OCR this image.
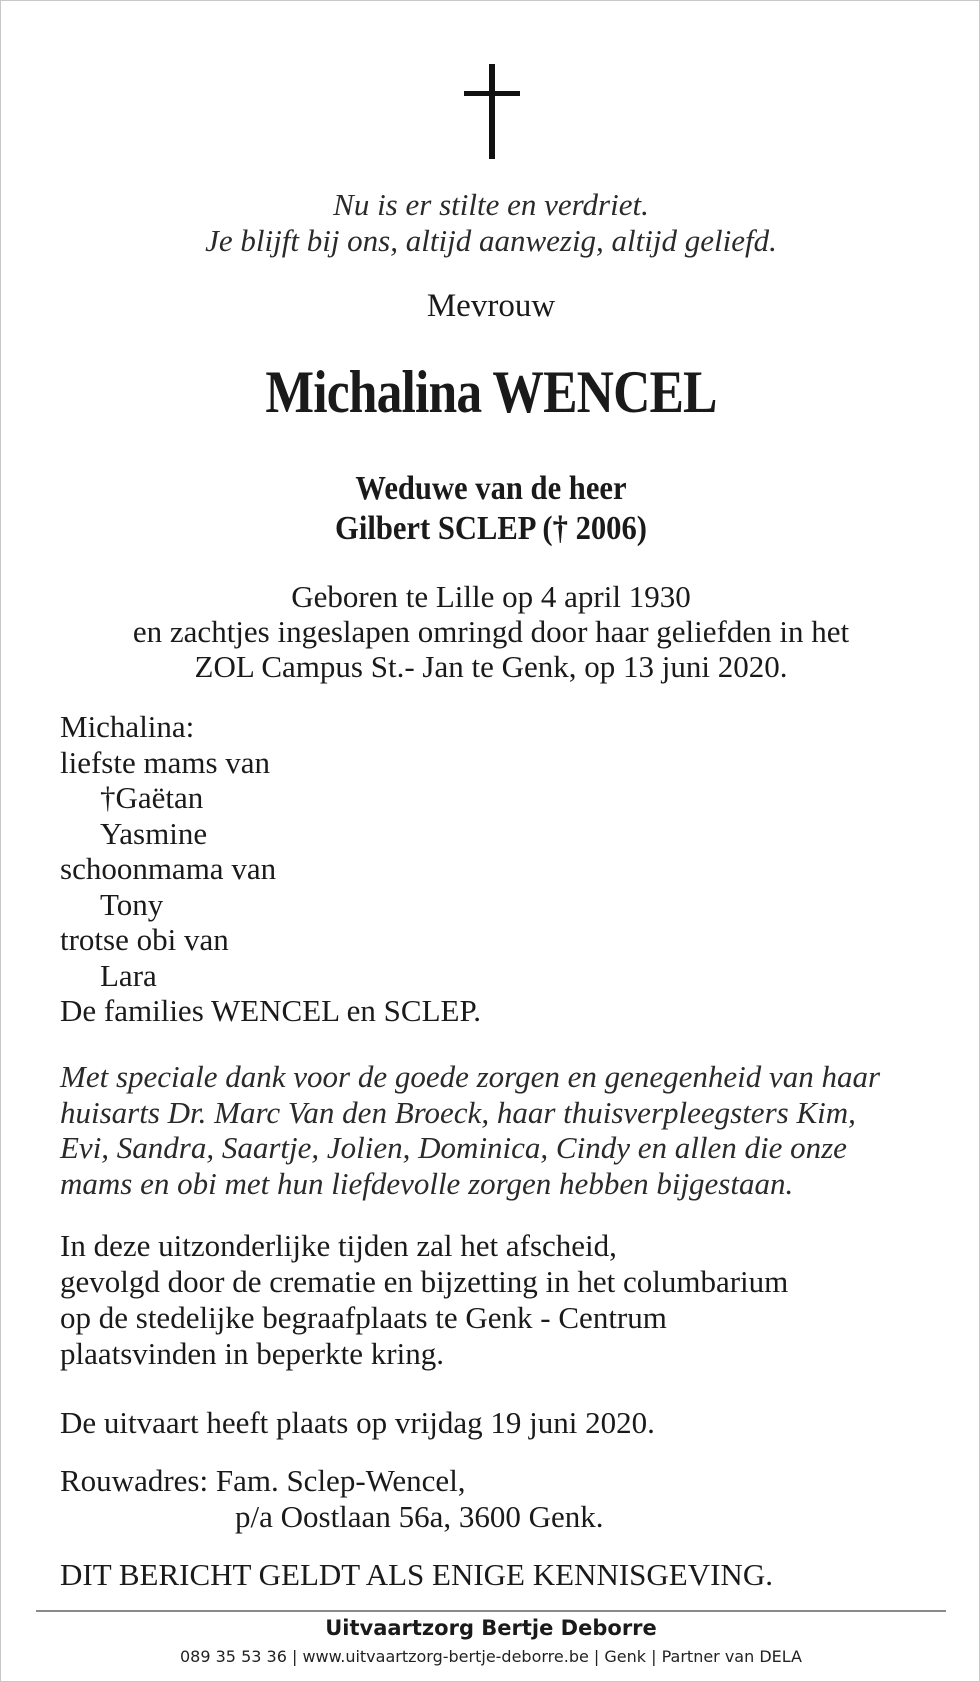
Nu is er stilte en verdriet.
Je blijft bij ons, altijd aanwezig, altijd geliefd.
Mevrouw
Michalina WENCEL
Weduwe van de heer
Gilbert SCLEP († 2006)
Geboren te Lille op 4 april 1930
en zachtjes ingeslapen omringd door haar geliefden in het
ZOL Campus St.- Jan te Genk, op 13 juni 2020.
Michalina:
liefste mams van
†Gaëtan
Yasmine
schoonmama van
Tony
trotse obi van
Lara
De families WENCEL en SCLEP.
Met speciale dank voor de goede zorgen en genegenheid van haar
huisarts Dr. Marc Van den Broeck, haar thuisverpleegsters Kim,
Evi, Sandra, Saartje, Jolien, Dominica, Cindy en allen die onze
mams en obi met hun liefdevolle zorgen hebben bijgestaan.
In deze uitzonderlijke tijden zal het afscheid,
gevolgd door de crematie en bijzetting in het columbarium
op de stedelijke begraafplaats te Genk - Centrum
plaatsvinden in beperkte kring.
De uitvaart heeft plaats op vrijdag 19 juni 2020.
Rouwadres: Fam. Sclep-Wencel,
p/a Oostlaan 56a, 3600 Genk.
DIT BERICHT GELDT ALS ENIGE KENNISGEVING.
Uitvaartzorg Bertje Deborre
089 35 53 36 | www.uitvaartzorg-bertje-deborre.be | Genk | Partner van DELA
